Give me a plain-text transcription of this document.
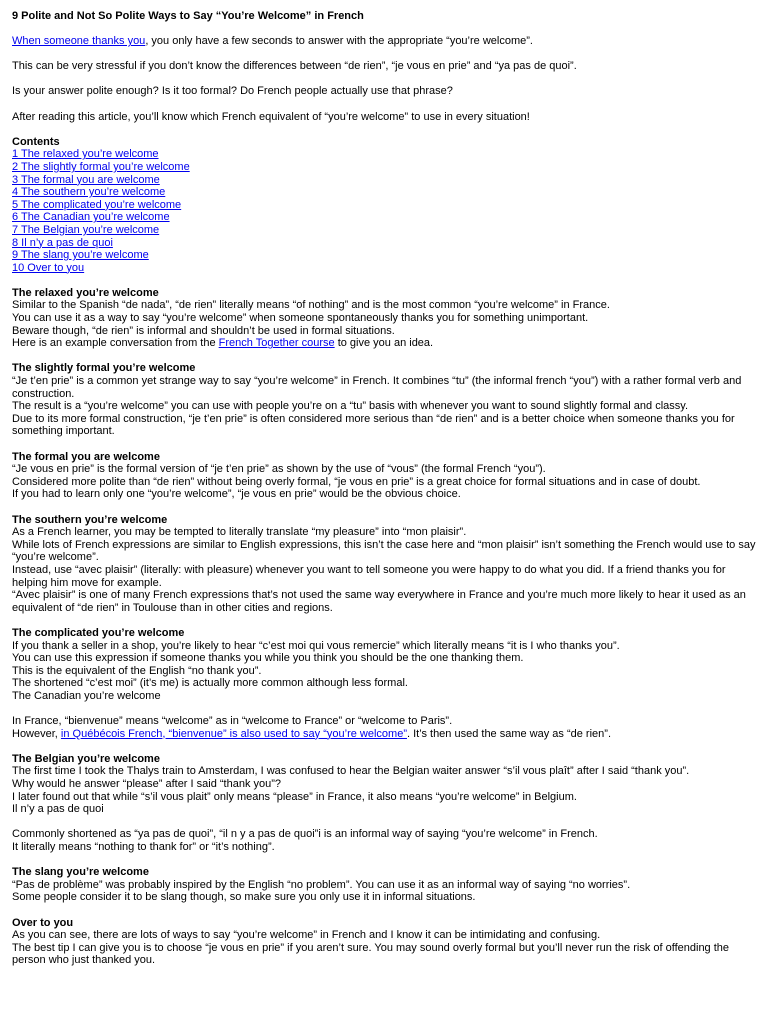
9 Polite and Not So Polite Ways to Say “You’re Welcome” in French

When someone thanks you, you only have a few seconds to answer with the appropriate “you’re welcome”.

This can be very stressful if you don’t know the differences between “de rien”, “je vous en prie” and “ya pas de quoi”.

Is your answer polite enough? Is it too formal? Do French people actually use that phrase?

After reading this article, you’ll know which French equivalent of “you’re welcome” to use in every situation!

Contents
1 The relaxed you’re welcome
2 The slightly formal you’re welcome
3 The formal you are welcome
4 The southern you’re welcome
5 The complicated you’re welcome
6 The Canadian you’re welcome
7 The Belgian you’re welcome
8 Il n’y a pas de quoi
9 The slang you’re welcome
10 Over to you
The relaxed you’re welcome
Similar to the Spanish “de nada”, “de rien” literally means “of nothing” and is the most common “you’re welcome” in France.
You can use it as a way to say “you’re welcome” when someone spontaneously thanks you for something unimportant.
Beware though, “de rien” is informal and shouldn’t be used in formal situations.
Here is an example conversation from the French Together course to give you an idea.
The slightly formal you’re welcome
“Je t’en prie” is a common yet strange way to say “you’re welcome” in French. It combines “tu” (the informal french “you”) with a rather formal verb and construction.
The result is a “you’re welcome” you can use with people you’re on a “tu” basis with whenever you want to sound slightly formal and classy.
Due to its more formal construction, “je t’en prie” is often considered more serious than “de rien” and is a better choice when someone thanks you for something important.
The formal you are welcome
“Je vous en prie” is the formal version of “je t’en prie” as shown by the use of “vous” (the formal French “you”).
Considered more polite than “de rien” without being overly formal, “je vous en prie” is a great choice for formal situations and in case of doubt.
If you had to learn only one “you’re welcome”, “je vous en prie” would be the obvious choice.
The southern you’re welcome
As a French learner, you may be tempted to literally translate “my pleasure” into “mon plaisir”.
While lots of French expressions are similar to English expressions, this isn’t the case here and “mon plaisir” isn’t something the French would use to say “you’re welcome”.
Instead, use “avec plaisir” (literally: with pleasure) whenever you want to tell someone you were happy to do what you did. If a friend thanks you for helping him move for example.
“Avec plaisir” is one of many French expressions that’s not used the same way everywhere in France and you’re much more likely to hear it used as an equivalent of “de rien” in Toulouse than in other cities and regions.
The complicated you’re welcome
If you thank a seller in a shop, you’re likely to hear “c’est moi qui vous remercie” which literally means “it is I who thanks you”.
You can use this expression if someone thanks you while you think you should be the one thanking them.
This is the equivalent of the English “no thank you”.
The shortened “c’est moi” (it’s me) is actually more common although less formal.
The Canadian you’re welcome
In France, “bienvenue” means “welcome” as in “welcome to France” or “welcome to Paris”.
However, in Québécois French, “bienvenue” is also used to say “you’re welcome”. It’s then used the same way as “de rien”.
The Belgian you’re welcome
The first time I took the Thalys train to Amsterdam, I was confused to hear the Belgian waiter answer “s’il vous plaît” after I said “thank you”.
Why would he answer “please” after I said “thank you”?
I later found out that while “s’il vous plait” only means “please” in France, it also means “you’re welcome” in Belgium.
Il n’y a pas de quoi
Commonly shortened as “ya pas de quoi”, “il n y a pas de quoi”i is an informal way of saying “you’re welcome” in French.
It literally means “nothing to thank for” or “it’s nothing”.
The slang you’re welcome
“Pas de problème” was probably inspired by the English “no problem”. You can use it as an informal way of saying “no worries”.
Some people consider it to be slang though, so make sure you only use it in informal situations.
Over to you
As you can see, there are lots of ways to say “you’re welcome” in French and I know it can be intimidating and confusing.
The best tip I can give you is to choose “je vous en prie” if you aren’t sure. You may sound overly formal but you’ll never run the risk of offending the person who just thanked you.
